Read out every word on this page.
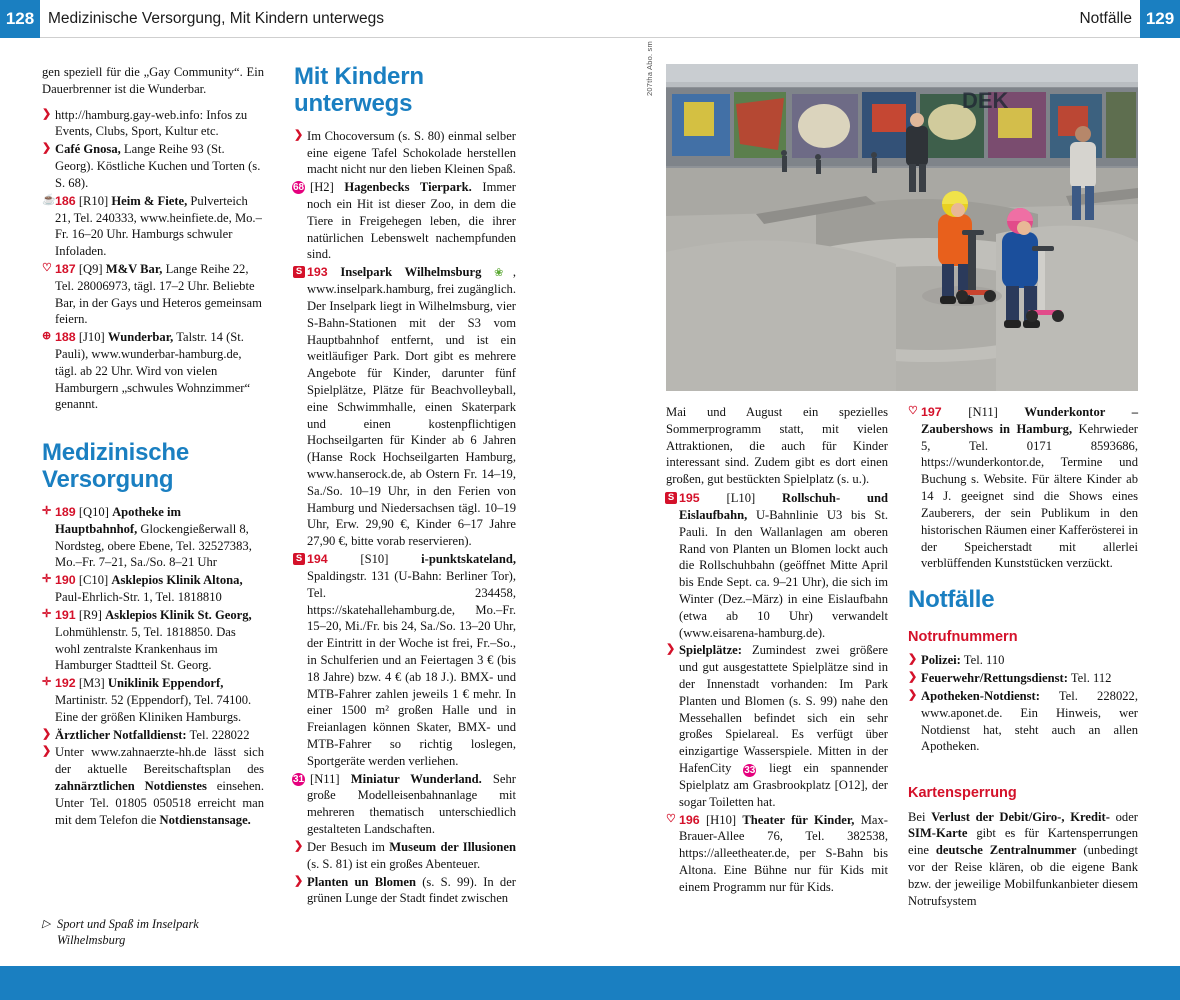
128 Medizinische Versorgung, Mit Kindern unterwegs	Notfälle 129
DEK
207tha Abo. sm
gen speziell für die „Gay Community“. Ein Dauerbrenner ist die Wunderbar.
❯ http://hamburg.gay-web.info: Infos zu Events, Clubs, Sport, Kultur etc.
❯ Café Gnosa, Lange Reihe 93 (St. Georg). Köstliche Kuchen und Torten (s. S. 68).
☕ 186 [R10] Heim & Fiete, Pulverteich 21, Tel. 240333, www.heinfiete.de, Mo.–Fr. 16–20 Uhr. Hamburgs schwuler Infoladen.
♡ 187 [Q9] M&V Bar, Lange Reihe 22, Tel. 28006973, tägl. 17–2 Uhr. Beliebte Bar, in der Gays und Heteros gemeinsam feiern.
⊕ 188 [J10] Wunderbar, Talstr. 14 (St. Pauli), www.wunderbar-hamburg.de, tägl. ab 22 Uhr. Wird von vielen Hamburgern „schwules Wohnzimmer“ genannt.
Medizinische Versorgung
✛ 189 [Q10] Apotheke im Hauptbahnhof, Glockengießerwall 8, Nordsteg, obere Ebene, Tel. 32527383, Mo.–Fr. 7–21, Sa./So. 8–21 Uhr
✛ 190 [C10] Asklepios Klinik Altona, Paul-Ehrlich-Str. 1, Tel. 1818810
✛ 191 [R9] Asklepios Klinik St. Georg, Lohmühlenstr. 5, Tel. 1818850. Das wohl zentralste Krankenhaus im Hamburger Stadtteil St. Georg.
✛ 192 [M3] Uniklinik Eppendorf, Martinistr. 52 (Eppendorf), Tel. 74100. Eine der größen Kliniken Hamburgs.
❯ Ärztlicher Notfalldienst: Tel. 228022
❯ Unter www.zahnaerzte-hh.de lässt sich der aktuelle Bereitschaftsplan des zahnärztlichen Notdienstes einsehen. Unter Tel. 01805 050518 erreicht man mit dem Telefon die Notdienstansage.
▷ Sport und Spaß im Inselpark Wilhelmsburg
Mit Kindern unterwegs
❯ Im Chocoversum (s. S. 80) einmal selber eine eigene Tafel Schokolade herstellen macht nicht nur den lieben Kleinen Spaß.
68 [H2] Hagenbecks Tierpark. Immer noch ein Hit ist dieser Zoo, in dem die Tiere in Freigehegen leben, die ihrer natürlichen Lebenswelt nachempfunden sind.
S 193 Inselpark Wilhelmsburg ❀, www.inselpark.hamburg, frei zugänglich. Der Inselpark liegt in Wilhelmsburg, vier S-Bahn-Stationen mit der S3 vom Hauptbahnhof entfernt, und ist ein weitläufiger Park. Dort gibt es mehrere Angebote für Kinder, darunter fünf Spielplätze, Plätze für Beachvolleyball, eine Schwimmhalle, einen Skaterpark und einen kostenpflichtigen Hochseilgarten für Kinder ab 6 Jahren (Hanse Rock Hochseilgarten Hamburg, www.hanserock.de, ab Ostern Fr. 14–19, Sa./So. 10–19 Uhr, in den Ferien von Hamburg und Niedersachsen tägl. 10–19 Uhr, Erw. 29,90 €, Kinder 6–17 Jahre 27,90 €, bitte vorab reservieren).
S 194 [S10] i-punktskateland, Spaldingstr. 131 (U-Bahn: Berliner Tor), Tel. 234458, https://skatehallehamburg.de, Mo.–Fr. 15–20, Mi./Fr. bis 24, Sa./So. 13–20 Uhr, der Eintritt in der Woche ist frei, Fr.–So., in Schulferien und an Feiertagen 3 € (bis 18 Jahre) bzw. 4 € (ab 18 J.). BMX- und MTB-Fahrer zahlen jeweils 1 € mehr. In einer 1500 m² großen Halle und in Freianlagen können Skater, BMX- und MTB-Fahrer so richtig loslegen, Sportgeräte werden verliehen.
31 [N11] Miniatur Wunderland. Sehr große Modelleisenbahnanlage mit mehreren thematisch unterschiedlich gestalteten Landschaften.
❯ Der Besuch im Museum der Illusionen (s. S. 81) ist ein großes Abenteuer.
❯ Planten un Blomen (s. S. 99). In der grünen Lunge der Stadt findet zwischen
Mai und August ein spezielles Sommerprogramm statt, mit vielen Attraktionen, die auch für Kinder interessant sind. Zudem gibt es dort einen großen, gut bestückten Spielplatz (s. u.).
S 195 [L10] Rollschuh- und Eislaufbahn, U-Bahnlinie U3 bis St. Pauli. In den Wallanlagen am oberen Rand von Planten un Blomen lockt auch die Rollschuhbahn (geöffnet Mitte April bis Ende Sept. ca. 9–21 Uhr), die sich im Winter (Dez.–März) in eine Eislaufbahn (etwa ab 10 Uhr) verwandelt (www.eisarena-hamburg.de).
❯ Spielplätze: Zumindest zwei größere und gut ausgestattete Spielplätze sind in der Innenstadt vorhanden: Im Park Planten und Blomen (s. S. 99) nahe den Messehallen befindet sich ein sehr großes Spielareal. Es verfügt über einzigartige Wasserspiele. Mitten in der HafenCity 33 liegt ein spannender Spielplatz am Grasbrookplatz [O12], der sogar Toiletten hat.
♡ 196 [H10] Theater für Kinder, Max-Brauer-Allee 76, Tel. 382538, https://alleetheater.de, per S-Bahn bis Altona. Eine Bühne nur für Kids mit einem Programm nur für Kids.
♡ 197 [N11] Wunderkontor – Zaubershows in Hamburg, Kehrwieder 5, Tel. 0171 8593686, https://wunderkontor.de, Termine und Buchung s. Website. Für ältere Kinder ab 14 J. geeignet sind die Shows eines Zauberers, der sein Publikum in den historischen Räumen einer Kafferösterei in der Speicherstadt mit allerlei verblüffenden Kunststücken verzückt.
Notfälle
Notrufnummern
❯ Polizei: Tel. 110
❯ Feuerwehr/Rettungsdienst: Tel. 112
❯ Apotheken-Notdienst: Tel. 228022, www.aponet.de. Ein Hinweis, wer Notdienst hat, steht auch an allen Apotheken.
Kartensperrung
Bei Verlust der Debit/Giro-, Kredit- oder SIM-Karte gibt es für Kartensperrungen eine deutsche Zentralnummer (unbedingt vor der Reise klären, ob die eigene Bank bzw. der jeweilige Mobilfunkanbieter diesem Notrufsystem
